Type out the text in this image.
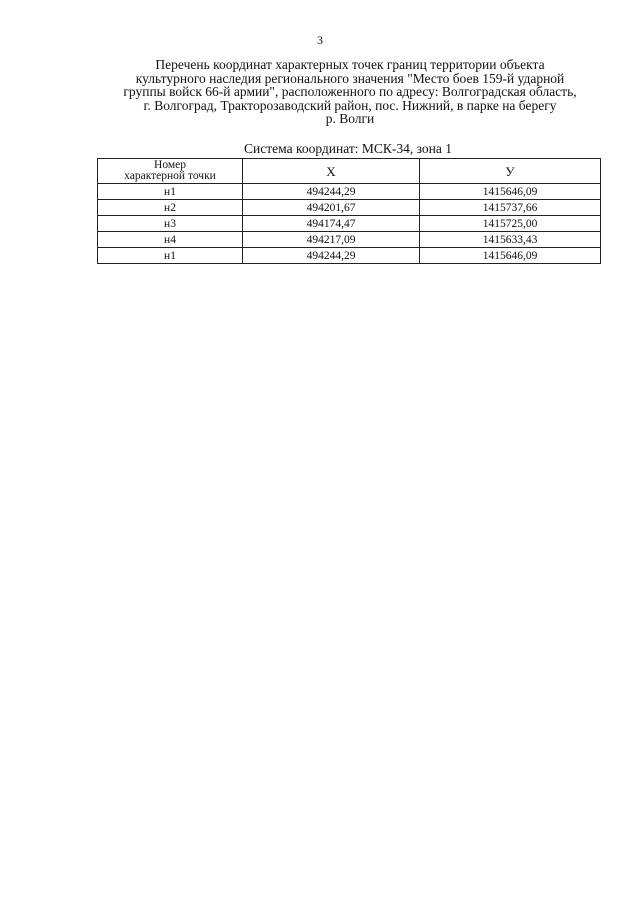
3
Перечень координат характерных точек границ территории объекта
культурного наследия регионального значения "Место боев 159-й ударной
группы войск 66-й армии", расположенного по адресу: Волгоградская область,
г. Волгоград, Тракторозаводский район, пос. Нижний, в парке на берегу
р. Волги
Система координат: МСК-34, зона 1
Номер
характерной точки	X	У
н1	494244,29	1415646,09
н2	494201,67	1415737,66
н3	494174,47	1415725,00
н4	494217,09	1415633,43
н1	494244,29	1415646,09
